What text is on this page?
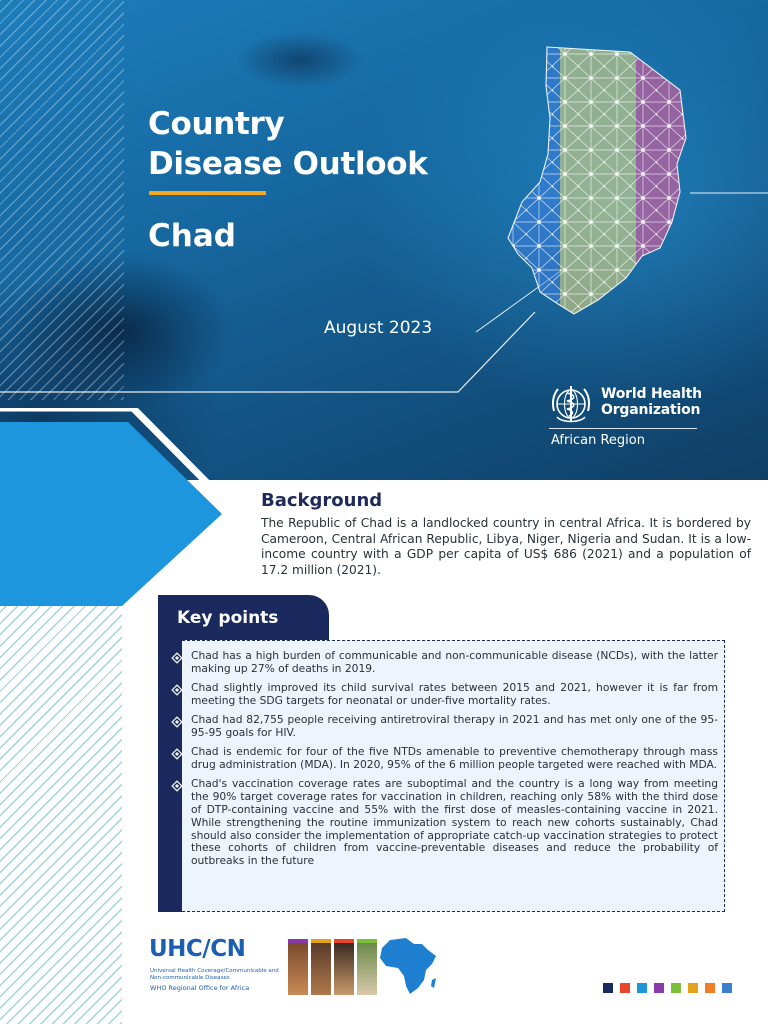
Country
Disease Outlook
Chad
August 2023
World Health
Organization
African Region
Background
The Republic of Chad is a landlocked country in central Africa. It is bordered by Cameroon, Central African Republic, Libya, Niger, Nigeria and Sudan. It is a low-income country with a GDP per capita of US$ 686 (2021) and a population of 17.2 million (2021).
Key points
Chad has a high burden of communicable and non-communicable disease (NCDs), with the latter making up 27% of deaths in 2019.
Chad slightly improved its child survival rates between 2015 and 2021, however it is far from meeting the SDG targets for neonatal or under-five mortality rates.
Chad had 82,755 people receiving antiretroviral therapy in 2021 and has met only one of the 95-95-95 goals for HIV.
Chad is endemic for four of the five NTDs amenable to preventive chemotherapy through mass drug administration (MDA). In 2020, 95% of the 6 million people targeted were reached with MDA.
Chad's vaccination coverage rates are suboptimal and the country is a long way from meeting the 90% target coverage rates for vaccination in children, reaching only 58% with the third dose of DTP-containing vaccine and 55% with the first dose of measles-containing vaccine in 2021. While strengthening the routine immunization system to reach new cohorts sustainably, Chad should also consider the implementation of appropriate catch-up vaccination strategies to protect these cohorts of children from vaccine-preventable diseases and reduce the probability of outbreaks in the future
UHC/CN
Universal Health Coverage/Communicable and Non-communicable Diseases
WHO Regional Office for Africa
